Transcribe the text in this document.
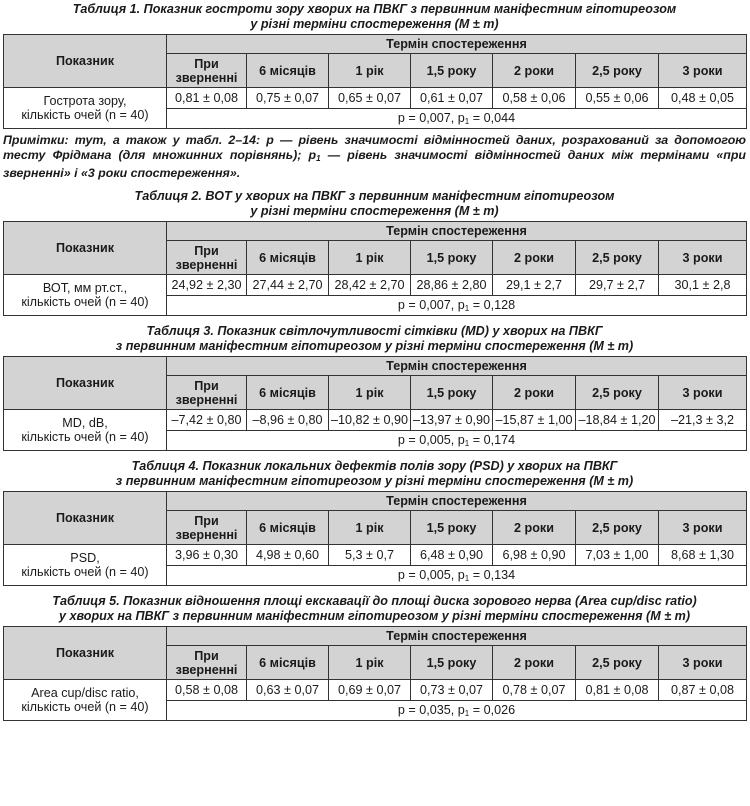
Таблиця 1. Показник гостроти зору хворих на ПВКГ з первинним маніфестним гіпотиреозом
у різні терміни спостереження (M ± m)

Показник	Термін спостереження						
	При
зверненні	6 місяців	1 рік	1,5 року	2 роки	2,5 року	3 роки
Гострота зору,
кількість очей (n = 40)	0,81 ± 0,08	0,75 ± 0,07	0,65 ± 0,07	0,61 ± 0,07	0,58 ± 0,06	0,55 ± 0,06	0,48 ± 0,05
	p = 0,007, $p_1 = 0,044$						

Примітки: тут, а також у табл. 2–14: p — рівень значимості відмінностей даних, розрахований за допомогою тесту Фрідмана (для множинних порівнянь); $p_1$ — рівень значимості відмінностей даних між термінами «при зверненні» і «3 роки спостереження».

Таблиця 2. ВОТ у хворих на ПВКГ з первинним маніфестним гіпотиреозом
у різні терміни спостереження (M ± m)

Показник	Термін спостереження						
	При
зверненні	6 місяців	1 рік	1,5 року	2 роки	2,5 року	3 роки
ВОТ, мм рт.ст.,
кількість очей (n = 40)	24,92 ± 2,30	27,44 ± 2,70	28,42 ± 2,70	28,86 ± 2,80	29,1 ± 2,7	29,7 ± 2,7	30,1 ± 2,8
	p = 0,007, $p_1 = 0,128$						

Таблиця 3. Показник світлочутливості сітківки (MD) у хворих на ПВКГ
з первинним маніфестним гіпотиреозом у різні терміни спостереження (M ± m)

Показник	Термін спостереження						
	При
зверненні	6 місяців	1 рік	1,5 року	2 роки	2,5 року	3 роки
MD, dB,
кількість очей (n = 40)	–7,42 ± 0,80	–8,96 ± 0,80	–10,82 ± 0,90	–13,97 ± 0,90	–15,87 ± 1,00	–18,84 ± 1,20	–21,3 ± 3,2
	p = 0,005, $p_1 = 0,174$						

Таблиця 4. Показник локальних дефектів полів зору (PSD) у хворих на ПВКГ
з первинним маніфестним гіпотиреозом у різні терміни спостереження (M ± m)

Показник	Термін спостереження						
	При
зверненні	6 місяців	1 рік	1,5 року	2 роки	2,5 року	3 роки
PSD,
кількість очей (n = 40)	3,96 ± 0,30	4,98 ± 0,60	5,3 ± 0,7	6,48 ± 0,90	6,98 ± 0,90	7,03 ± 1,00	8,68 ± 1,30
	p = 0,005, $p_1 = 0,134$						

Таблиця 5. Показник відношення площі екскавації до площі диска зорового нерва (Area cup/disc ratio)
у хворих на ПВКГ з первинним маніфестним гіпотиреозом у різні терміни спостереження (M ± m)

Показник	Термін спостереження						
	При
зверненні	6 місяців	1 рік	1,5 року	2 роки	2,5 року	3 роки
Area cup/disc ratio,
кількість очей (n = 40)	0,58 ± 0,08	0,63 ± 0,07	0,69 ± 0,07	0,73 ± 0,07	0,78 ± 0,07	0,81 ± 0,08	0,87 ± 0,08
	p = 0,035, $p_1 = 0,026$						
